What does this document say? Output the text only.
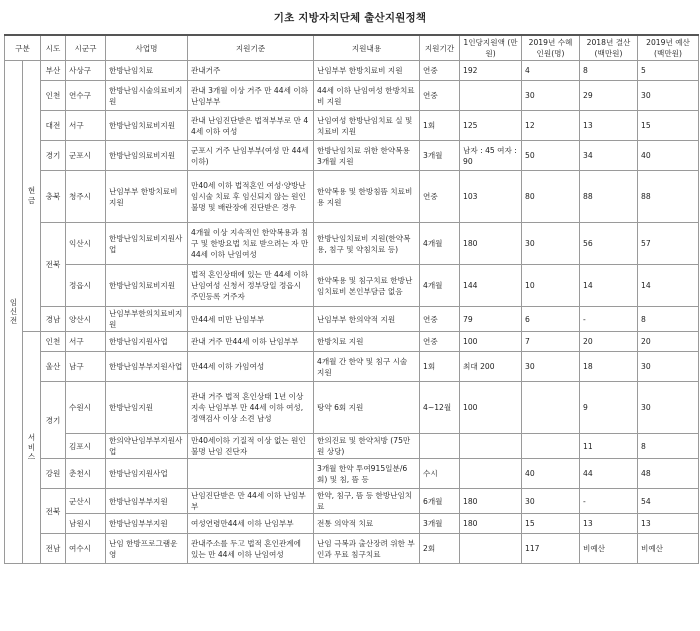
기초 지방자치단체 출산지원정책
구분		시도	시군구	사업명	지원기준	지원내용	지원기간	1인당지원액 (만원)	2019년 수혜인원(명)	2018년 결산(백만원)	2019년 예산(백만원)
임신전	현금	부산	사상구	한방난임치료	관내거주	난임부부 한방치료비 지원	연중	192	4	8	5
		인천	연수구	한방난임시술의료비지원	관내 3개월 이상 거주 만 44세 이하 난임부부	44세 이하 난임여성 한방치료비 지원	연중		30	29	30
		대전	서구	한방난임치료비지원	관내 난임진단받은 법적부부로 만 44세 이하 여성	난임여성 한방난임치료 실 및 치료비 지원	1회	125	12	13	15
		경기	군포시	한방난임의료비지원	군포시 거주 난임부부(여성 만 44세 이하)	한방난임치료 위한 한약복용 3개월 지원	3개월	남자 : 45 여자 : 90	50	34	40
		충북	청주시	난임부부 한방치료비 지원	만40세 이하 법적혼인 여성·양방난임시술 치료 후 임신되지 않는 원인불명 및 배란장애 진단받은 경우	한약복용 및 한방침뜸 치료비용 지원	연중	103	80	88	88
		전북	익산시	한방난임치료비지원사업	4개월 이상 지속적인 한약복용과 침구 및 한방요법 치료 받으려는 자 만44세 이하 난임여성	한방난임치료비 지원(한약복용, 침구 및 약침치료 등)	4개월	180	30	56	57
			정읍시	한방난임치료비지원	법적 혼인상태에 있는 만 44세 이하 난임여성 신청서 정부당일 정읍시 주민등록 거주자	한약복용 및 침구치료 한방난임치료비 본인부담금 없음	4개월	144	10	14	14
		경남	양산시	난임부부한의치료비지원	만44세 미만 난임부부	난임부부 한의약적 지원	연중	79	6	-	8
	서비스	인천	서구	한방난임지원사업	관내 거주 만44세 이하 난임부부	한방치료 지원	연중	100	7	20	20
		울산	남구	한방난임부부지원사업	만44세 이하 가임여성	4개월 간 한약 및 침구 시술 지원	1회	최대 200	30	18	30
		경기	수원시	한방난임지원	관내 거주 법적 혼인상태 1년 이상 지속 난임부부 만 44세 이하 여성, 정액검사 이상 소견 남성	탕약 6회 지원	4~12월	100		9	30
			김포시	한의약난임부부지원사업	만40세이하 기질적 이상 없는 원인불명 난임 진단자	한의진료 및 한약처방 (75만원 상당)				11	8
		강원	춘천시	한방난임지원사업		3개월 한약 투여915일분/6회) 및 침, 뜸 등	수시		40	44	48
		전북	군산시	한방난임부부지원	난임진단받은 만 44세 이하 난임부부	한약, 침구, 뜸 등 한방난임치료	6개월	180	30	-	54
			남원시	한방난임부부지원	여성연령만44세 이하 난임부부	전통 의약적 치료	3개월	180	15	13	13
		전남	여수시	난임 한방프로그램운영	관내주소를 두고 법적 혼인관계에 있는 만 44세 이하 난임여성	난임 극복과 출산장려 위한 부인과 무료 침구치료	2회		117	비예산	비예산
